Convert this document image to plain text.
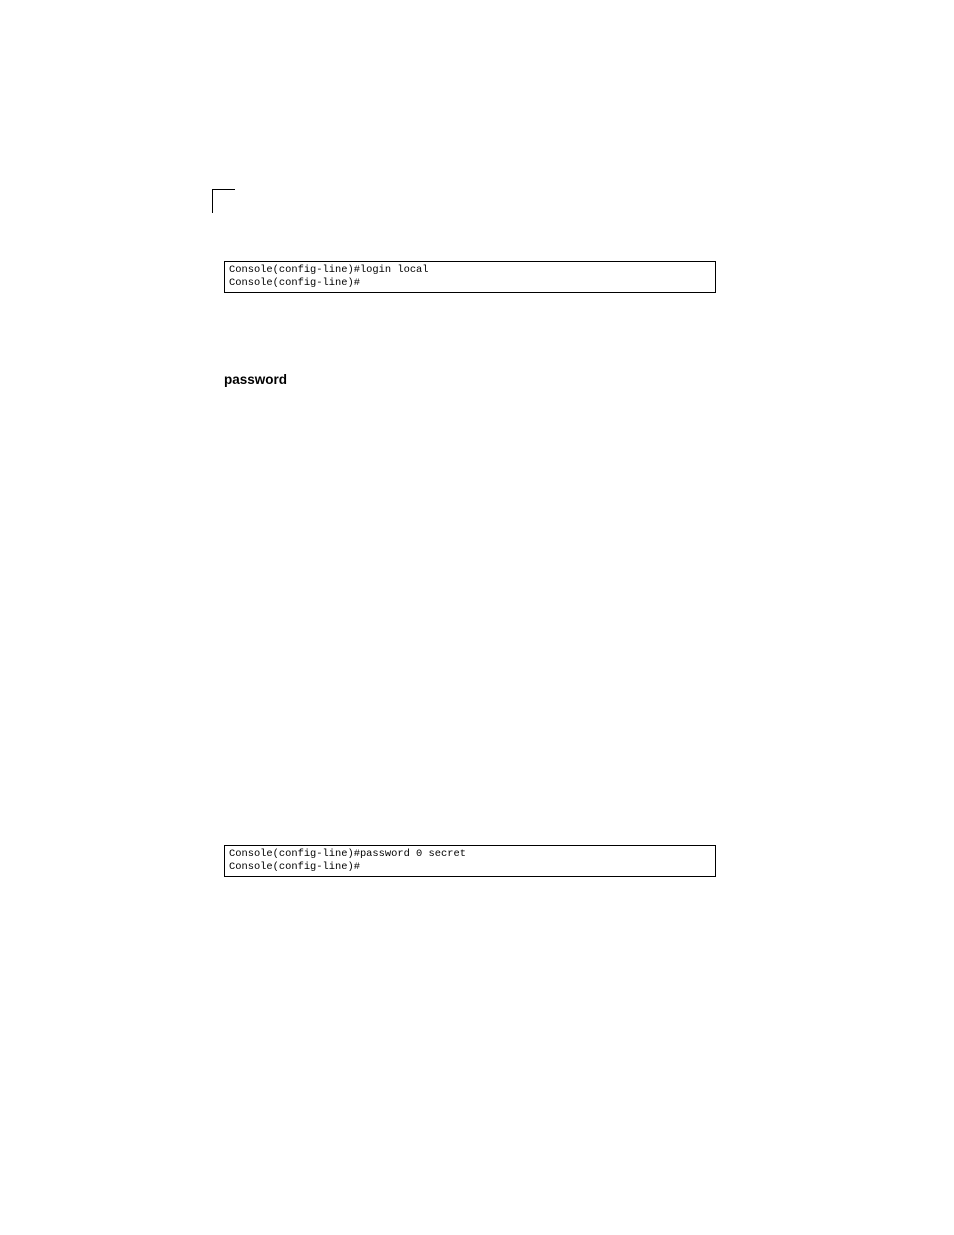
Console(config-line)#login local
Console(config-line)#
password
Console(config-line)#password 0 secret
Console(config-line)#
